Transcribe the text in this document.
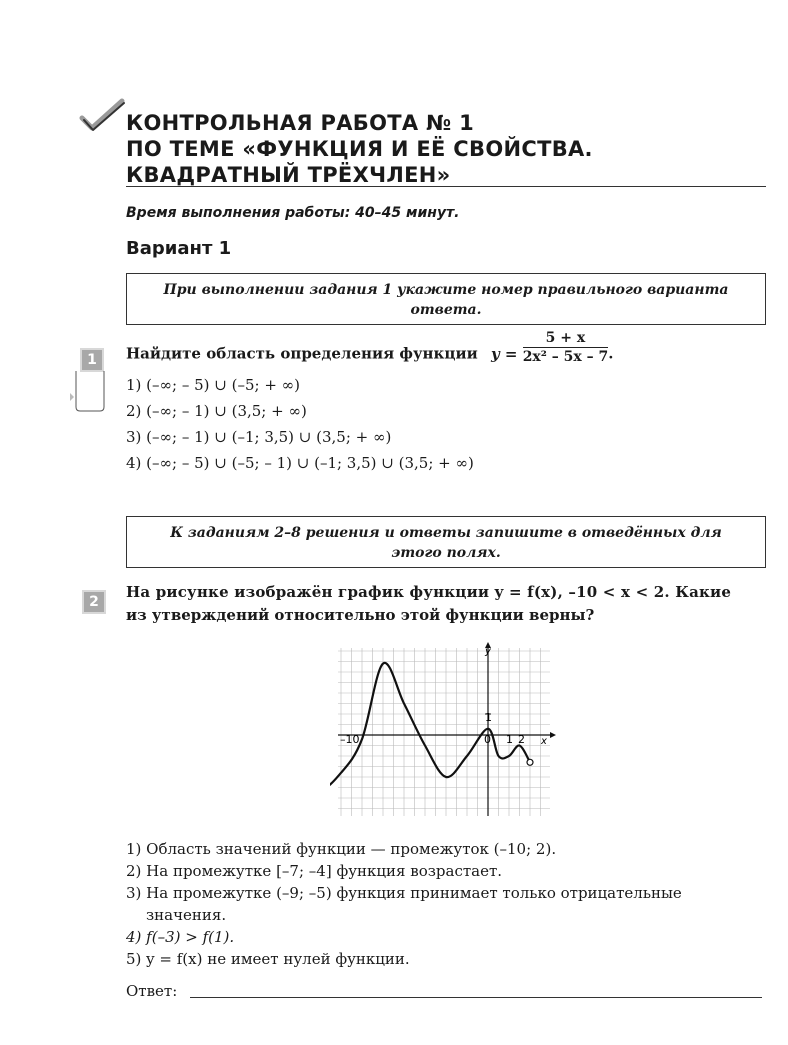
КОНТРОЛЬНАЯ РАБОТА № 1
ПО ТЕМЕ «ФУНКЦИЯ И ЕЁ СВОЙСТВА.
КВАДРАТНЫЙ ТРЁХЧЛЕН»
Время выполнения работы: 40–45 минут.
Вариант 1
При выполнении задания 1 укажите номер правильного варианта ответа.
1	Найдите область определения функции $y = \frac{5 + x}{\text{2x² – 5x – 7}}$ .
1) (–∞; – 5) ∪ (–5; + ∞)
2) (–∞; – 1) ∪ (3,5; + ∞)
3) (–∞; – 1) ∪ (–1; 3,5) ∪ (3,5; + ∞)
4) (–∞; – 5) ∪ (–5; – 1) ∪ (–1; 3,5) ∪ (3,5; + ∞)
К заданиям 2–8 решения и ответы запишите в отведённых для этого полях.
2
На рисунке изображён график функции y = f(x), –10 < x < 2. Какие
из утверждений относительно этой функции верны?
y
x
–10	0 1 2
1
1) Область значений функции — промежуток (–10; 2).
2) На промежутке [–7; –4] функция возрастает.
3) На промежутке (–9; –5) функция принимает только отрицательные
значения.
4) f(–3) > f(1).
5) y = f(x) не имеет нулей функции.
Ответ:
